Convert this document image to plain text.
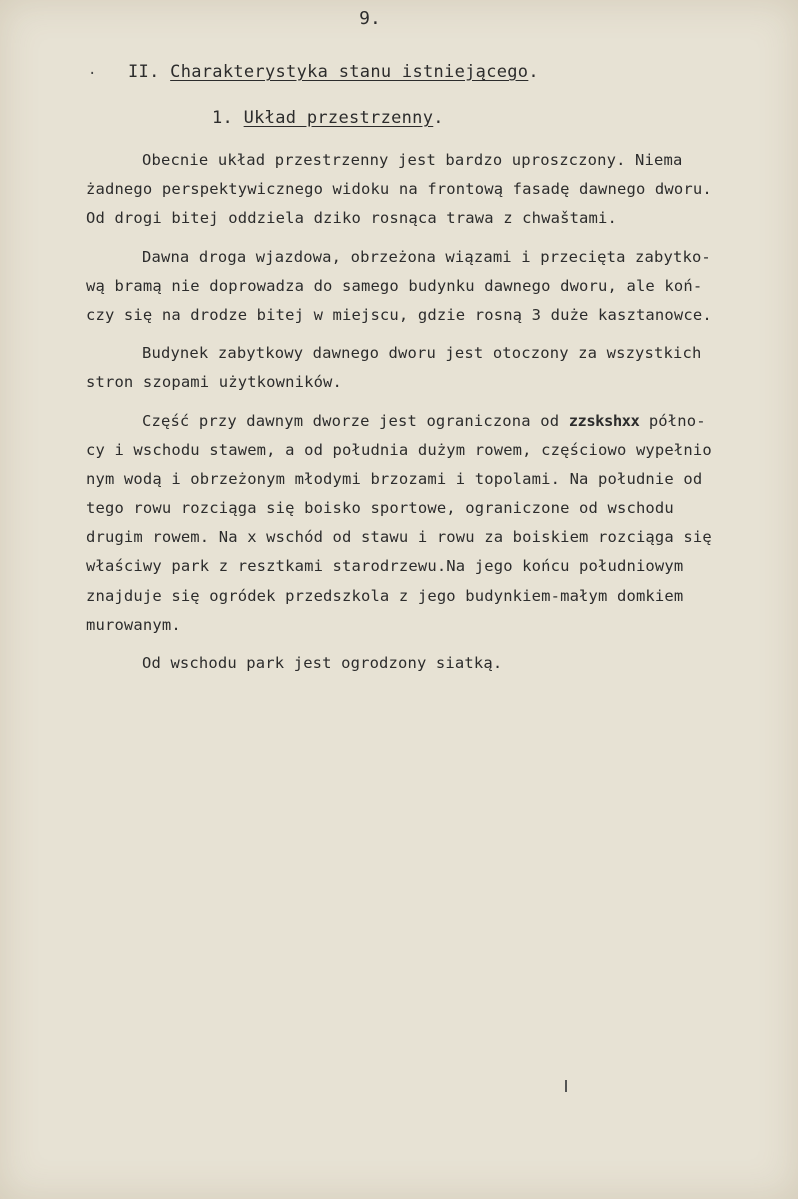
9.
· II. Charakterystyka stanu istniejącego.
1. Układ przestrzenny.
Obecnie układ przestrzenny jest bardzo uproszczony. Niema
żadnego perspektywicznego widoku na frontową fasadę dawnego dworu.
Od drogi bitej oddziela dziko rosnąca trawa z chwaštami.
Dawna droga wjazdowa, obrzeżona wiązami i przecięta zabytko-
wą bramą nie doprowadza do samego budynku dawnego dworu, ale koń-
czy się na drodze bitej w miejscu, gdzie rosną 3 duże kasztanowce.
Budynek zabytkowy dawnego dworu jest otoczony za wszystkich
stron szopami użytkowników.
Część przy dawnym dworze jest ograniczona od zzskshxx półno-
cy i wschodu stawem, a od południa dużym rowem, częściowo wypełnio
nym wodą i obrzeżonym młodymi brzozami i topolami. Na południe od
tego rowu rozciąga się boisko sportowe, ograniczone od wschodu
drugim rowem. Na x wschód od stawu i rowu za boiskiem rozciąga się
właściwy park z resztkami starodrzewu.Na jego końcu południowym
znajduje się ogródek przedszkola z jego budynkiem-małym domkiem
murowanym.
Od wschodu park jest ogrodzony siatką.
